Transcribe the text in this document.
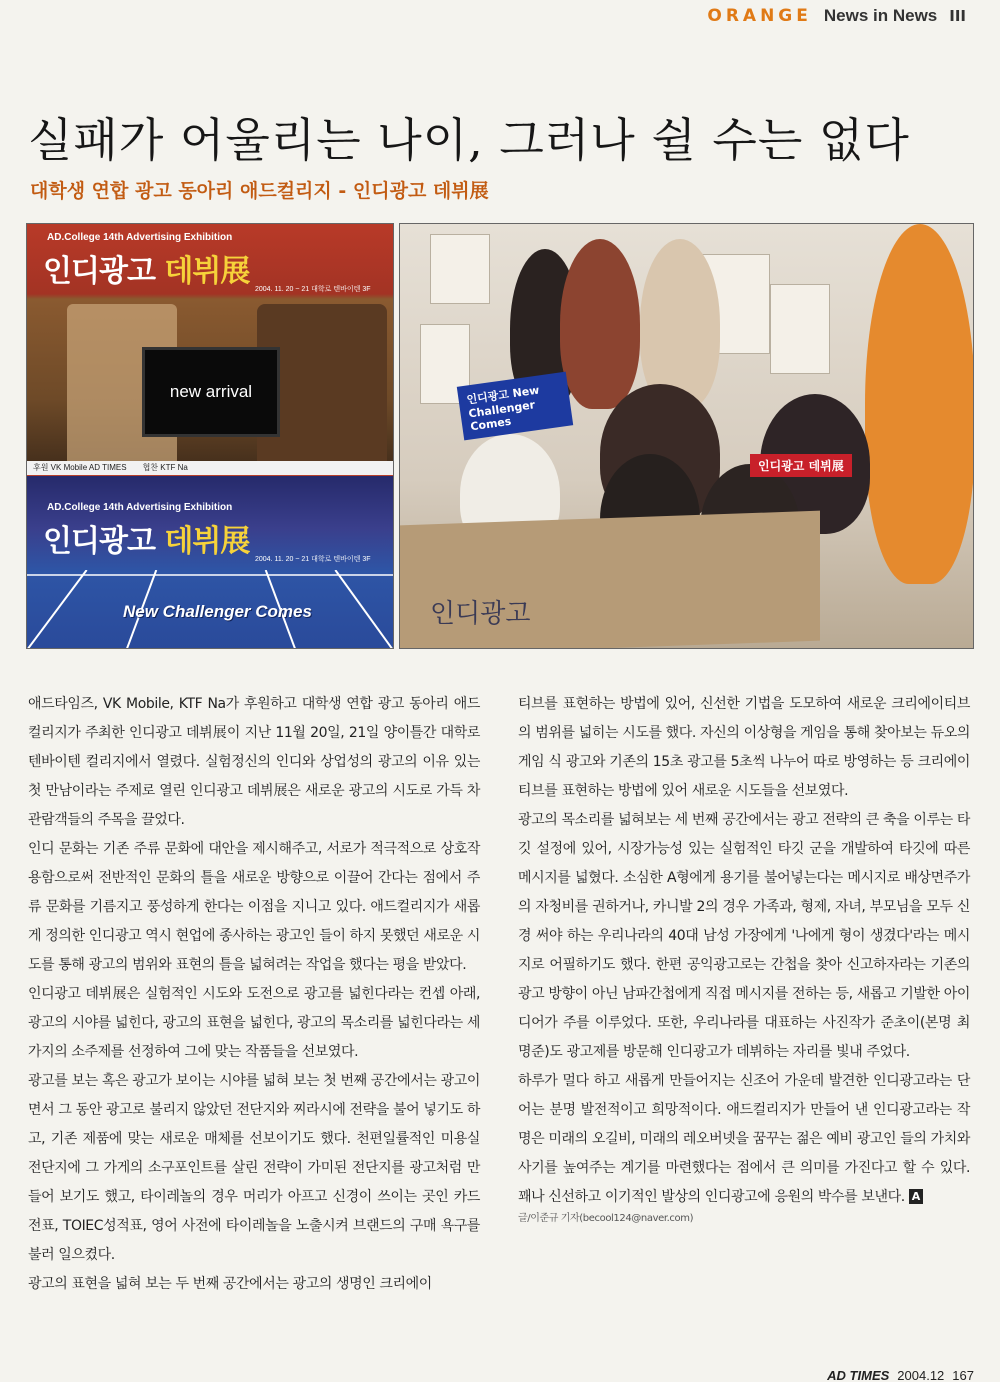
ORANGE News in News III
실패가 어울리는 나이, 그러나 쉴 수는 없다
대학생 연합 광고 동아리 애드컬리지 - 인디광고 데뷔展
AD.College 14th Advertising Exhibition
인디광고 데뷔展
2004. 11. 20 ~ 21 대학로 텐바이텐 3F
new arrival
후원 VK Mobile AD TIMES 협찬 KTF Na
AD.College 14th Advertising Exhibition
인디광고 데뷔展
2004. 11. 20 ~ 21 대학로 텐바이텐 3F
New Challenger Comes
인디광고 New Challenger Comes
인디광고 데뷔展
인디광고

애드타임즈, VK Mobile, KTF Na가 후원하고 대학생 연합 광고 동아리 애드컬리지가 주최한 인디광고 데뷔展이 지난 11월 20일, 21일 양이틀간 대학로 텐바이텐 컬리지에서 열렸다. 실험정신의 인디와 상업성의 광고의 이유 있는 첫 만남이라는 주제로 열린 인디광고 데뷔展은 새로운 광고의 시도로 가득 차 관람객들의 주목을 끌었다.

인디 문화는 기존 주류 문화에 대안을 제시해주고, 서로가 적극적으로 상호작용함으로써 전반적인 문화의 틀을 새로운 방향으로 이끌어 간다는 점에서 주류 문화를 기름지고 풍성하게 한다는 이점을 지니고 있다. 애드컬리지가 새롭게 정의한 인디광고 역시 현업에 종사하는 광고인 들이 하지 못했던 새로운 시도를 통해 광고의 범위와 표현의 틀을 넓혀려는 작업을 했다는 평을 받았다.

인디광고 데뷔展은 실험적인 시도와 도전으로 광고를 넓힌다라는 컨셉 아래, 광고의 시야를 넓힌다, 광고의 표현을 넓힌다, 광고의 목소리를 넓힌다라는 세 가지의 소주제를 선정하여 그에 맞는 작품들을 선보였다.

광고를 보는 혹은 광고가 보이는 시야를 넓혀 보는 첫 번째 공간에서는 광고이면서 그 동안 광고로 불리지 않았던 전단지와 찌라시에 전략을 불어 넣기도 하고, 기존 제품에 맞는 새로운 매체를 선보이기도 했다. 천편일률적인 미용실 전단지에 그 가게의 소구포인트를 살린 전략이 가미된 전단지를 광고처럼 만들어 보기도 했고, 타이레놀의 경우 머리가 아프고 신경이 쓰이는 곳인 카드 전표, TOIEC성적표, 영어 사전에 타이레놀을 노출시켜 브랜드의 구매 욕구를 불러 일으켰다.

광고의 표현을 넓혀 보는 두 번째 공간에서는 광고의 생명인 크리에이

티브를 표현하는 방법에 있어, 신선한 기법을 도모하여 새로운 크리에이티브의 범위를 넓히는 시도를 했다. 자신의 이상형을 게임을 통해 찾아보는 듀오의 게임 식 광고와 기존의 15초 광고를 5초씩 나누어 따로 방영하는 등 크리에이티브를 표현하는 방법에 있어 새로운 시도들을 선보였다.

광고의 목소리를 넓혀보는 세 번째 공간에서는 광고 전략의 큰 축을 이루는 타깃 설정에 있어, 시장가능성 있는 실험적인 타깃 군을 개발하여 타깃에 따른 메시지를 넓혔다. 소심한 A형에게 용기를 불어넣는다는 메시지로 배상면주가의 자청비를 권하거나, 카니발 2의 경우 가족과, 형제, 자녀, 부모님을 모두 신경 써야 하는 우리나라의 40대 남성 가장에게 '나에게 형이 생겼다'라는 메시지로 어필하기도 했다. 한편 공익광고로는 간첩을 찾아 신고하자라는 기존의 광고 방향이 아닌 남파간첩에게 직접 메시지를 전하는 등, 새롭고 기발한 아이디어가 주를 이루었다. 또한, 우리나라를 대표하는 사진작가 준초이(본명 최명준)도 광고제를 방문해 인디광고가 데뷔하는 자리를 빛내 주었다.

하루가 멀다 하고 새롭게 만들어지는 신조어 가운데 발견한 인디광고라는 단어는 분명 발전적이고 희망적이다. 애드컬리지가 만들어 낸 인디광고라는 작명은 미래의 오길비, 미래의 레오버넷을 꿈꾸는 젊은 예비 광고인 들의 가치와 사기를 높여주는 계기를 마련했다는 점에서 큰 의미를 가진다고 할 수 있다. 꽤나 신선하고 이기적인 발상의 인디광고에 응원의 박수를 보낸다. A

글/이준규 기자(becool124@naver.com)

AD TIMES 2004.12 167
